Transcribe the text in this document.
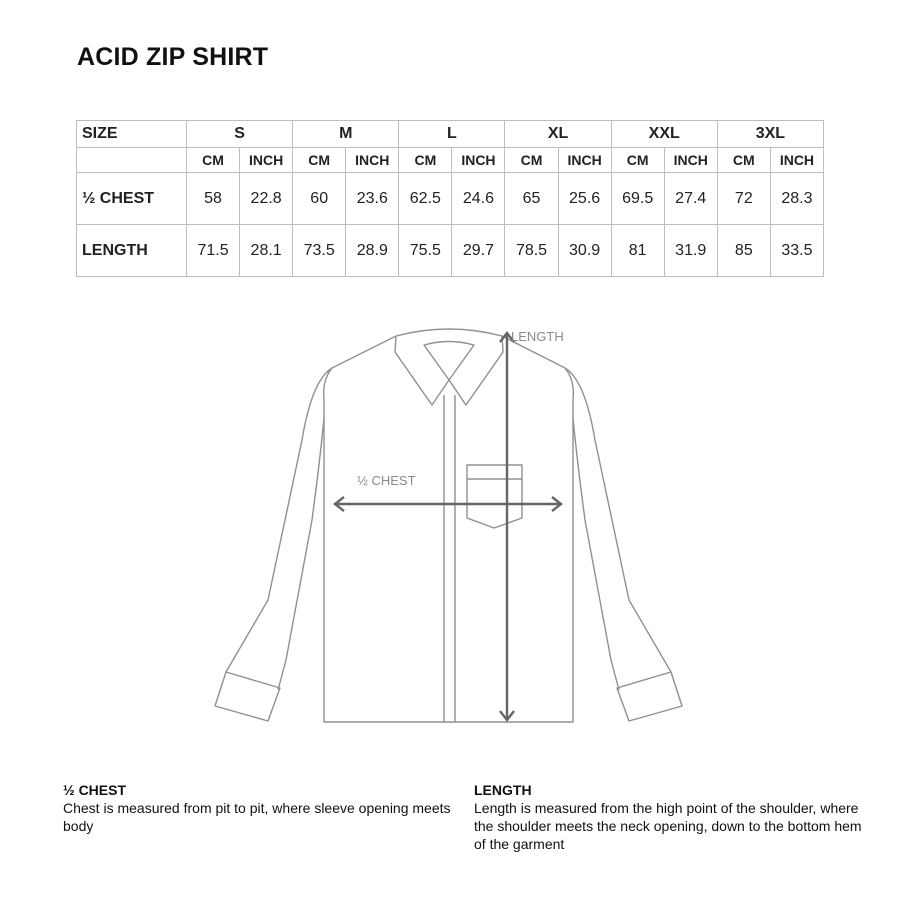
ACID ZIP SHIRT
SIZE	S		M		L		XL		XXL		3XL	
	CM	INCH	CM	INCH	CM	INCH	CM	INCH	CM	INCH	CM	INCH
½ CHEST	58	22.8	60	23.6	62.5	24.6	65	25.6	69.5	27.4	72	28.3
LENGTH	71.5	28.1	73.5	28.9	75.5	29.7	78.5	30.9	81	31.9	85	33.5
LENGTH
½ CHEST
½ CHEST
Chest is measured from pit to pit, where sleeve opening meets body
LENGTH
Length is measured from the high point of the shoulder, where the shoulder meets the neck opening, down to the bottom hem of the garment
